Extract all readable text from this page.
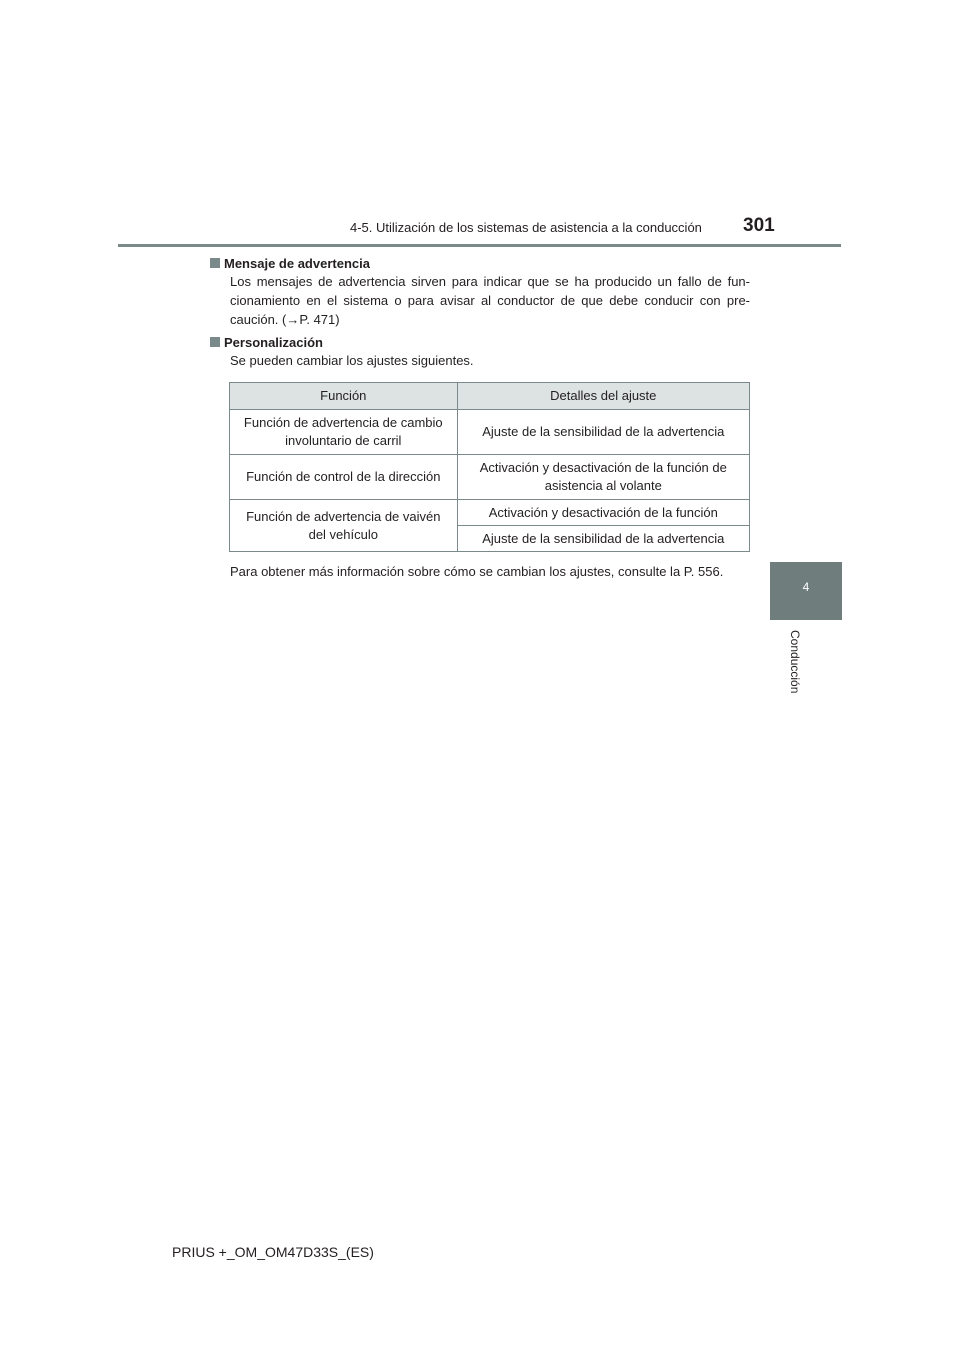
4-5. Utilización de los sistemas de asistencia a la conducción 301
4
Conducción
Mensaje de advertencia
Los mensajes de advertencia sirven para indicar que se ha producido un fallo de fun-cionamiento en el sistema o para avisar al conductor de que debe conducir con pre-caución. (→P. 471)
Personalización
Se pueden cambiar los ajustes siguientes.
Función	Detalles del ajuste
Función de advertencia de cambio involuntario de carril	Ajuste de la sensibilidad de la advertencia
Función de control de la dirección	Activación y desactivación de la función de asistencia al volante
Función de advertencia de vaivén del vehículo	Activación y desactivación de la función
	Ajuste de la sensibilidad de la advertencia
Para obtener más información sobre cómo se cambian los ajustes, consulte la P. 556.
PRIUS +_OM_OM47D33S_(ES)
